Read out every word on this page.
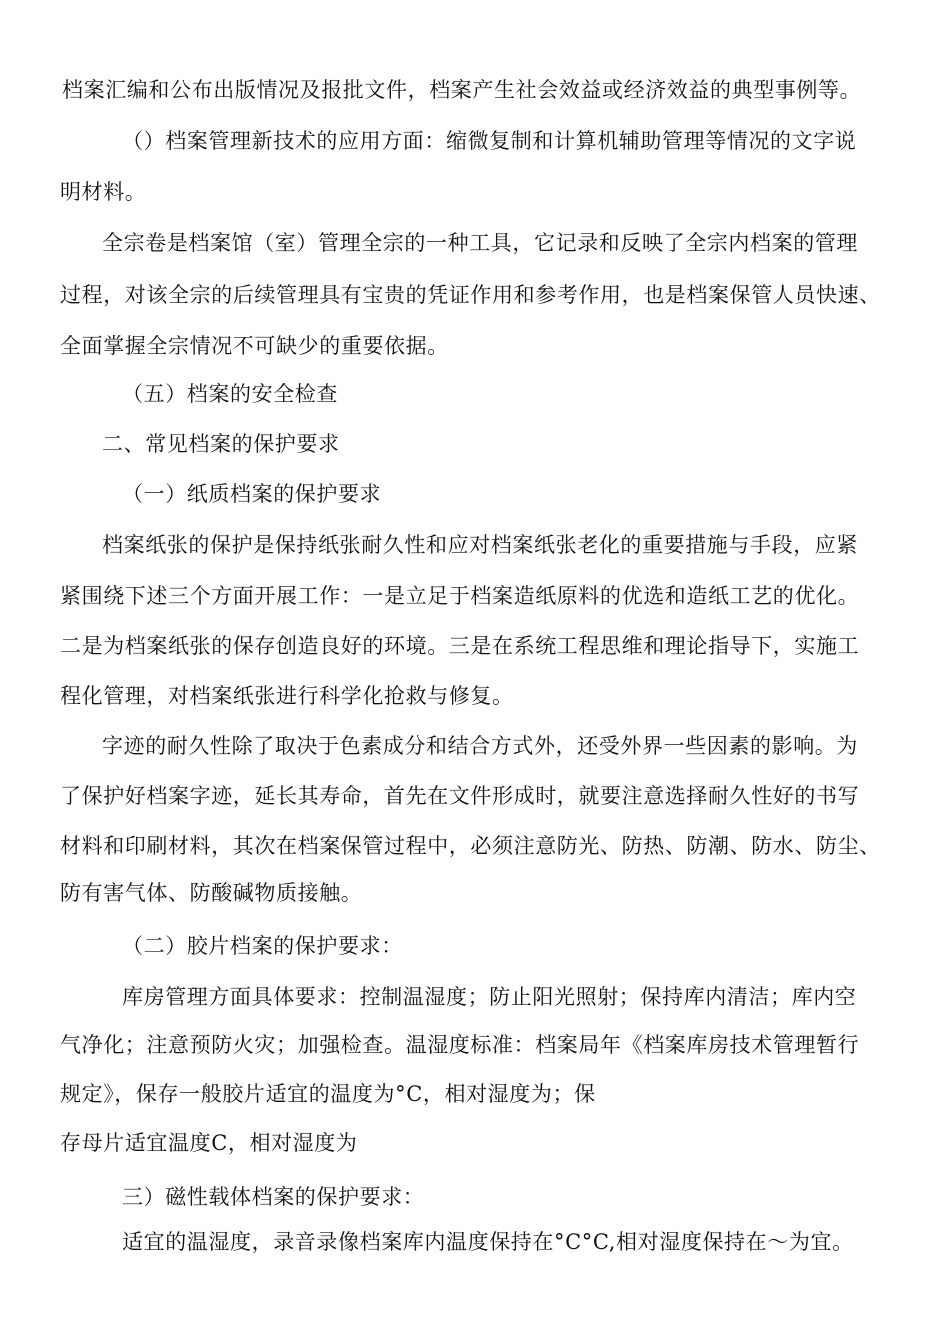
档案汇编和公布出版情况及报批文件，档案产生社会效益或经济效益的典型事例等。
（）档案管理新技术的应用方面：缩微复制和计算机辅助管理等情况的文字说
明材料。
全宗卷是档案馆（室）管理全宗的一种工具，它记录和反映了全宗内档案的管理
过程，对该全宗的后续管理具有宝贵的凭证作用和参考作用，也是档案保管人员快速、
全面掌握全宗情况不可缺少的重要依据。
（五）档案的安全检查
二、常见档案的保护要求
（一）纸质档案的保护要求
档案纸张的保护是保持纸张耐久性和应对档案纸张老化的重要措施与手段，应紧
紧围绕下述三个方面开展工作：一是立足于档案造纸原料的优选和造纸工艺的优化。
二是为档案纸张的保存创造良好的环境。三是在系统工程思维和理论指导下，实施工
程化管理，对档案纸张进行科学化抢救与修复。
字迹的耐久性除了取决于色素成分和结合方式外，还受外界一些因素的影响。为
了保护好档案字迹，延长其寿命，首先在文件形成时，就要注意选择耐久性好的书写
材料和印刷材料，其次在档案保管过程中，必须注意防光、防热、防潮、防水、防尘、
防有害气体、防酸碱物质接触。
（二）胶片档案的保护要求：
库房管理方面具体要求：控制温湿度；防止阳光照射；保持库内清洁；库内空
气净化；注意预防火灾；加强检查。温湿度标准：档案局年《档案库房技术管理暂行
规定》，保存一般胶片适宜的温度为°C，相对湿度为；保
存母片适宜温度C，相对湿度为
三）磁性载体档案的保护要求：
适宜的温湿度，录音录像档案库内温度保持在°C°C,相对湿度保持在〜为宜。
